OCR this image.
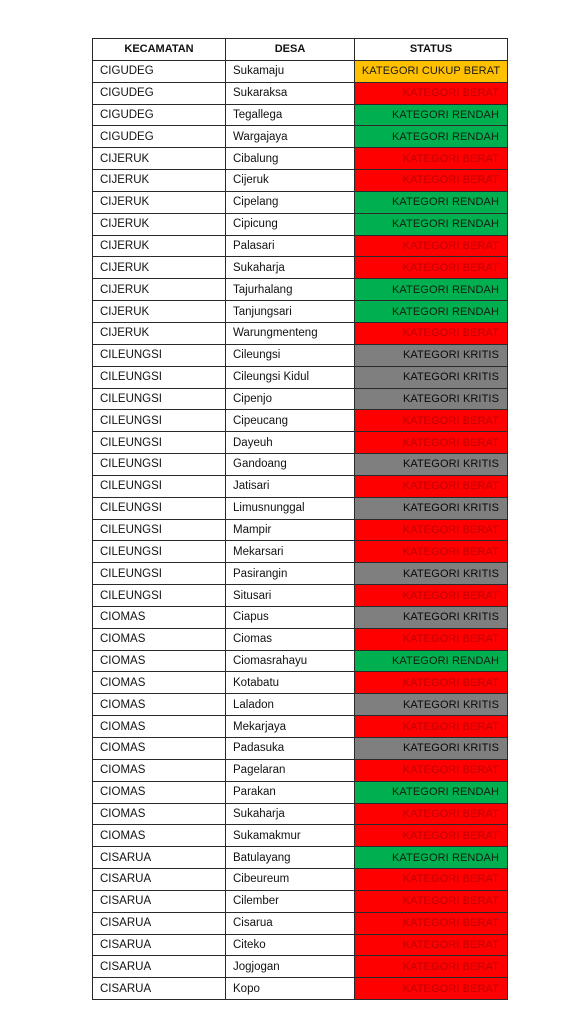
KECAMATAN	DESA	STATUS
CIGUDEG	Sukamaju	KATEGORI CUKUP BERAT
CIGUDEG	Sukaraksa	KATEGORI BERAT
CIGUDEG	Tegallega	KATEGORI RENDAH
CIGUDEG	Wargajaya	KATEGORI RENDAH
CIJERUK	Cibalung	KATEGORI BERAT
CIJERUK	Cijeruk	KATEGORI BERAT
CIJERUK	Cipelang	KATEGORI RENDAH
CIJERUK	Cipicung	KATEGORI RENDAH
CIJERUK	Palasari	KATEGORI BERAT
CIJERUK	Sukaharja	KATEGORI BERAT
CIJERUK	Tajurhalang	KATEGORI RENDAH
CIJERUK	Tanjungsari	KATEGORI RENDAH
CIJERUK	Warungmenteng	KATEGORI BERAT
CILEUNGSI	Cileungsi	KATEGORI KRITIS
CILEUNGSI	Cileungsi Kidul	KATEGORI KRITIS
CILEUNGSI	Cipenjo	KATEGORI KRITIS
CILEUNGSI	Cipeucang	KATEGORI BERAT
CILEUNGSI	Dayeuh	KATEGORI BERAT
CILEUNGSI	Gandoang	KATEGORI KRITIS
CILEUNGSI	Jatisari	KATEGORI BERAT
CILEUNGSI	Limusnunggal	KATEGORI KRITIS
CILEUNGSI	Mampir	KATEGORI BERAT
CILEUNGSI	Mekarsari	KATEGORI BERAT
CILEUNGSI	Pasirangin	KATEGORI KRITIS
CILEUNGSI	Situsari	KATEGORI BERAT
CIOMAS	Ciapus	KATEGORI KRITIS
CIOMAS	Ciomas	KATEGORI BERAT
CIOMAS	Ciomasrahayu	KATEGORI RENDAH
CIOMAS	Kotabatu	KATEGORI BERAT
CIOMAS	Laladon	KATEGORI KRITIS
CIOMAS	Mekarjaya	KATEGORI BERAT
CIOMAS	Padasuka	KATEGORI KRITIS
CIOMAS	Pagelaran	KATEGORI BERAT
CIOMAS	Parakan	KATEGORI RENDAH
CIOMAS	Sukaharja	KATEGORI BERAT
CIOMAS	Sukamakmur	KATEGORI BERAT
CISARUA	Batulayang	KATEGORI RENDAH
CISARUA	Cibeureum	KATEGORI BERAT
CISARUA	Cilember	KATEGORI BERAT
CISARUA	Cisarua	KATEGORI BERAT
CISARUA	Citeko	KATEGORI BERAT
CISARUA	Jogjogan	KATEGORI BERAT
CISARUA	Kopo	KATEGORI BERAT
